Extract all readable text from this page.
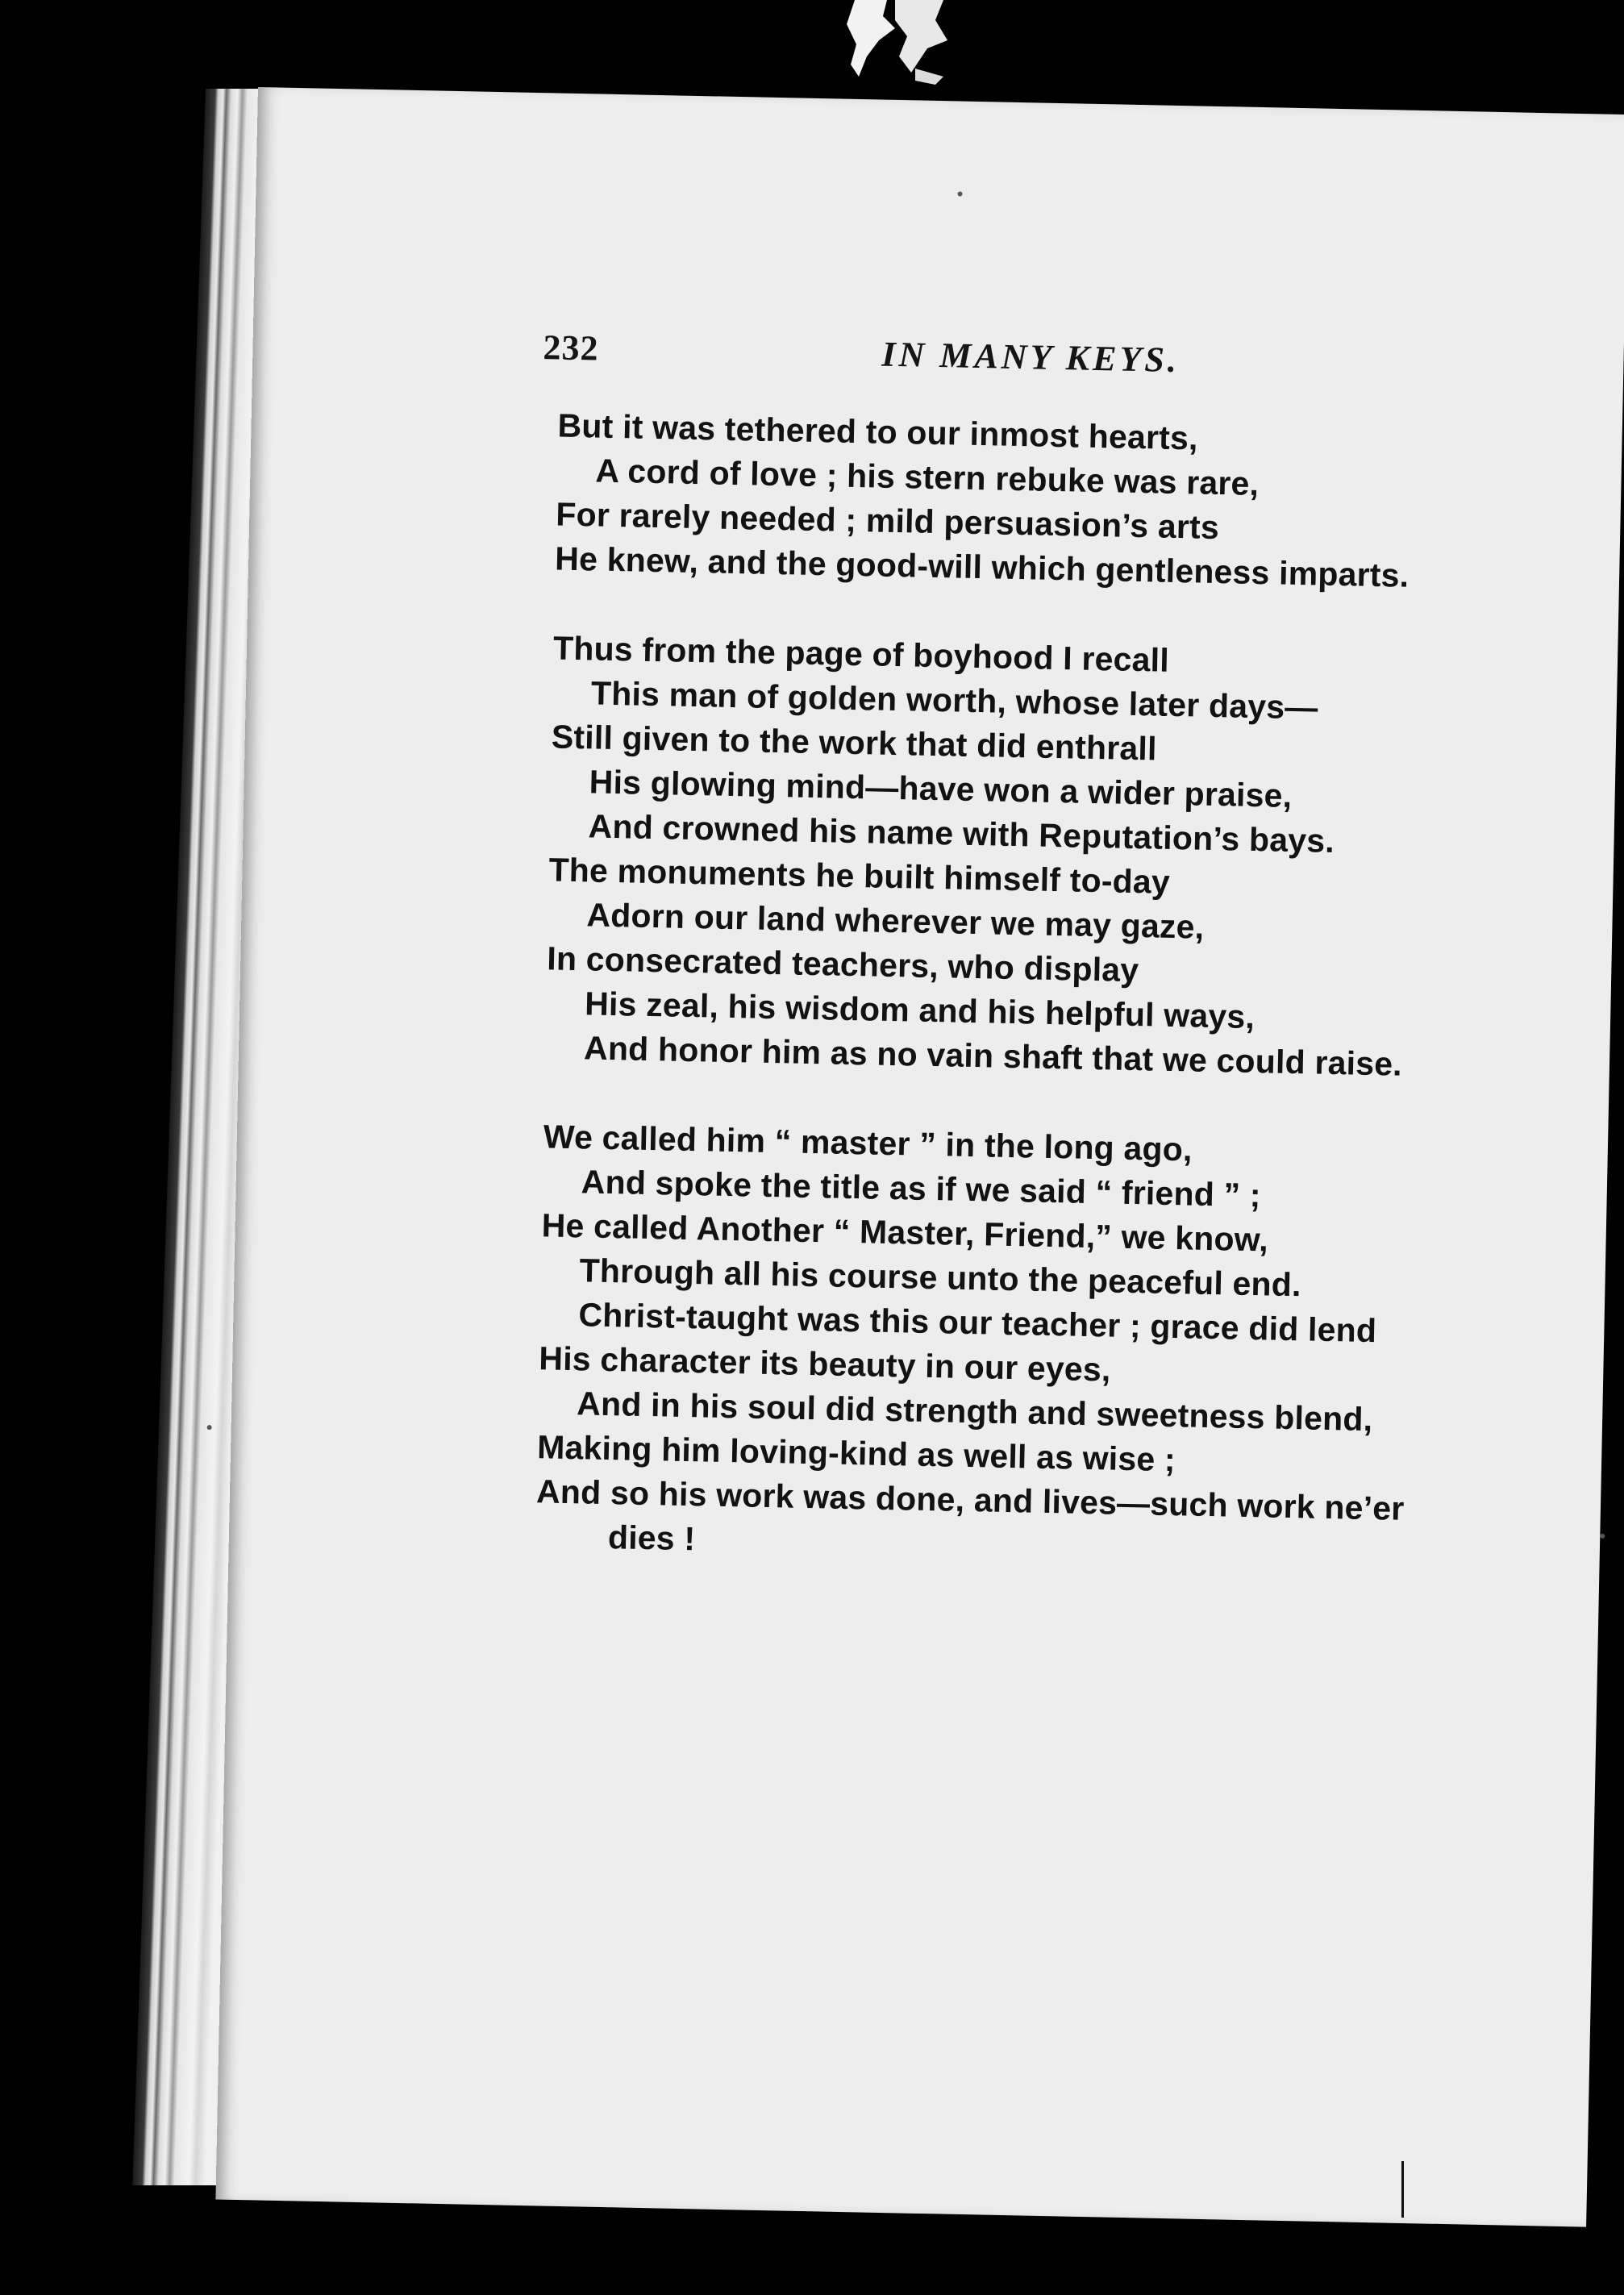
232	IN MANY KEYS.
But it was tethered to our inmost hearts,
A cord of love ; his stern rebuke was rare,
For rarely needed ; mild persuasion’s arts
He knew, and the good-will which gentleness imparts.
Thus from the page of boyhood I recall
This man of golden worth, whose later days—
Still given to the work that did enthrall
His glowing mind—have won a wider praise,
And crowned his name with Reputation’s bays.
The monuments he built himself to-day
Adorn our land wherever we may gaze,
In consecrated teachers, who display
His zeal, his wisdom and his helpful ways,
And honor him as no vain shaft that we could raise.
We called him “ master ” in the long ago,
And spoke the title as if we said “ friend ” ;
He called Another “ Master, Friend,” we know,
Through all his course unto the peaceful end.
Christ-taught was this our teacher ; grace did lend
His character its beauty in our eyes,
And in his soul did strength and sweetness blend,
Making him loving-kind as well as wise ;
And so his work was done, and lives—such work ne’er
dies !
